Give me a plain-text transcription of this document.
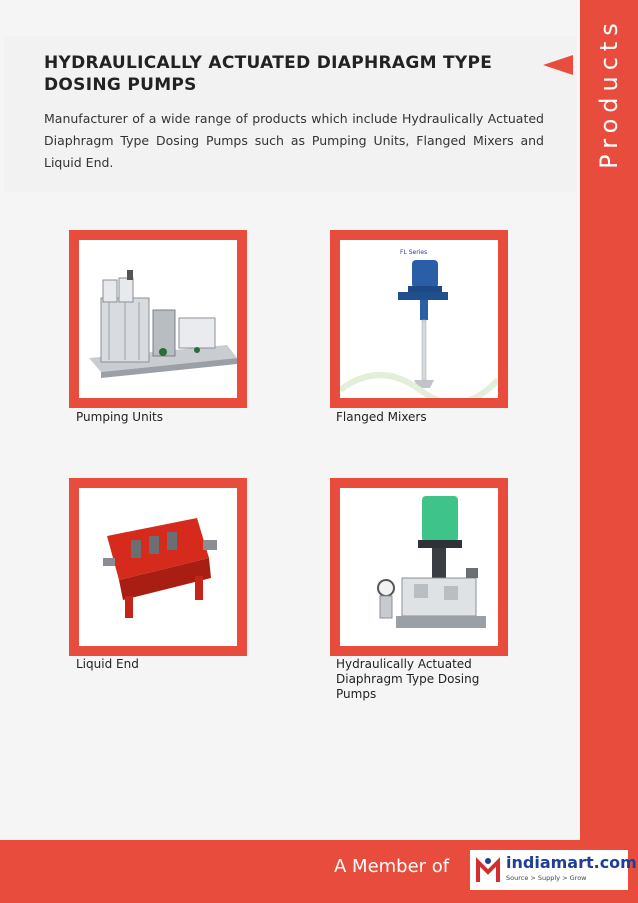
Products
HYDRAULICALLY ACTUATED DIAPHRAGM TYPE DOSING PUMPS

Manufacturer of a wide range of products which include Hydraulically Actuated Diaphragm Type Dosing Pumps such as Pumping Units, Flanged Mixers and Liquid End.

Pumping Units

FL Series

Flanged Mixers

Liquid End	Hydraulically Actuated Diaphragm Type Dosing Pumps

A Member of	indiamart.com
Source > Supply > Grow
